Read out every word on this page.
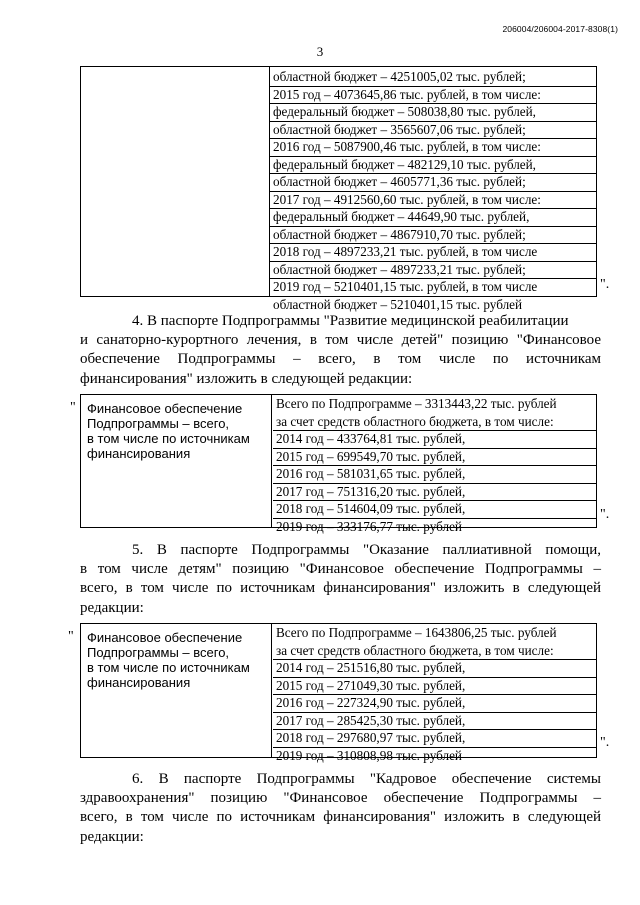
206004/206004-2017-8308(1)
3
областной бюджет – 4251005,02 тыс. рублей;
2015 год – 4073645,86 тыс. рублей, в том числе:
федеральный бюджет – 508038,80 тыс. рублей,
областной бюджет – 3565607,06 тыс. рублей;
2016 год – 5087900,46 тыс. рублей, в том числе:
федеральный бюджет – 482129,10 тыс. рублей,
областной бюджет – 4605771,36 тыс. рублей;
2017 год – 4912560,60 тыс. рублей, в том числе:
федеральный бюджет – 44649,90 тыс. рублей,
областной бюджет – 4867910,70 тыс. рублей;
2018 год – 4897233,21 тыс. рублей, в том числе
областной бюджет – 4897233,21 тыс. рублей;
2019 год – 5210401,15 тыс. рублей, в том числе
областной бюджет – 5210401,15 тыс. рублей
".
4. В паспорте Подпрограммы "Развитие медицинской реабилитации
и санаторно-курортного лечения, в том числе детей" позицию "Финансовое
обеспечение Подпрограммы – всего, в том числе по источникам
финансирования" изложить в следующей редакции:
" Финансовое обеспечение
Подпрограммы – всего,
в том числе по источникам
финансирования
Всего по Подпрограмме – 3313443,22 тыс. рублей
за счет средств областного бюджета, в том числе:
2014 год – 433764,81 тыс. рублей,
2015 год – 699549,70 тыс. рублей,
2016 год – 581031,65 тыс. рублей,
2017 год – 751316,20 тыс. рублей,
2018 год – 514604,09 тыс. рублей,
2019 год – 333176,77 тыс. рублей
".
5. В паспорте Подпрограммы "Оказание паллиативной помощи,
в том числе детям" позицию "Финансовое обеспечение Подпрограммы –
всего, в том числе по источникам финансирования" изложить в следующей
редакции:
" Финансовое обеспечение
Подпрограммы – всего,
в том числе по источникам
финансирования
Всего по Подпрограмме – 1643806,25 тыс. рублей
за счет средств областного бюджета, в том числе:
2014 год – 251516,80 тыс. рублей,
2015 год – 271049,30 тыс. рублей,
2016 год – 227324,90 тыс. рублей,
2017 год – 285425,30 тыс. рублей,
2018 год – 297680,97 тыс. рублей,
2019 год – 310808,98 тыс. рублей
".
6. В паспорте Подпрограммы "Кадровое обеспечение системы
здравоохранения" позицию "Финансовое обеспечение Подпрограммы –
всего, в том числе по источникам финансирования" изложить в следующей
редакции:
